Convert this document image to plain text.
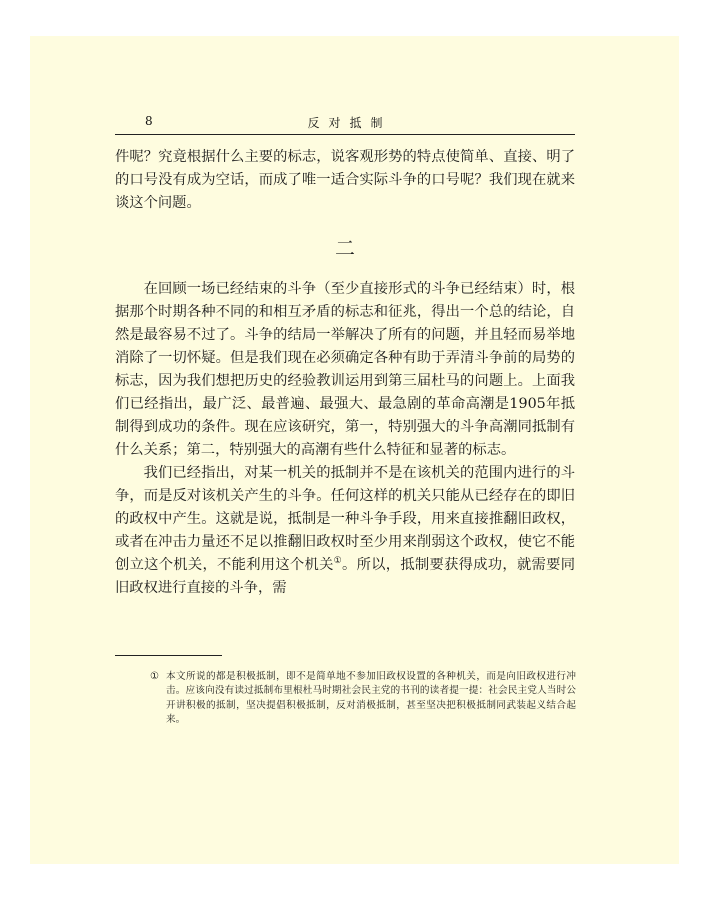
8	反对抵制

件呢？究竟根据什么主要的标志，说客观形势的特点使简单、直接、明了的口号没有成为空话，而成了唯一适合实际斗争的口号呢？我们现在就来谈这个问题。

二

在回顾一场已经结束的斗争（至少直接形式的斗争已经结束）时，根据那个时期各种不同的和相互矛盾的标志和征兆，得出一个总的结论，自然是最容易不过了。斗争的结局一举解决了所有的问题，并且轻而易举地消除了一切怀疑。但是我们现在必须确定各种有助于弄清斗争前的局势的标志，因为我们想把历史的经验教训运用到第三届杜马的问题上。上面我们已经指出，最广泛、最普遍、最强大、最急剧的革命高潮是1905年抵制得到成功的条件。现在应该研究，第一，特别强大的斗争高潮同抵制有什么关系；第二，特别强大的高潮有些什么特征和显著的标志。

我们已经指出，对某一机关的抵制并不是在该机关的范围内进行的斗争，而是反对该机关产生的斗争。任何这样的机关只能从已经存在的即旧的政权中产生。这就是说，抵制是一种斗争手段，用来直接推翻旧政权，或者在冲击力量还不足以推翻旧政权时至少用来削弱这个政权，使它不能创立这个机关，不能利用这个机关①。所以，抵制要获得成功，就需要同旧政权进行直接的斗争，需

① 本文所说的都是积极抵制，即不是简单地不参加旧政权设置的各种机关，而是向旧政权进行冲击。应该向没有读过抵制布里根杜马时期社会民主党的书刊的读者提一提：社会民主党人当时公开讲积极的抵制，坚决提倡积极抵制，反对消极抵制，甚至坚决把积极抵制同武装起义结合起来。
